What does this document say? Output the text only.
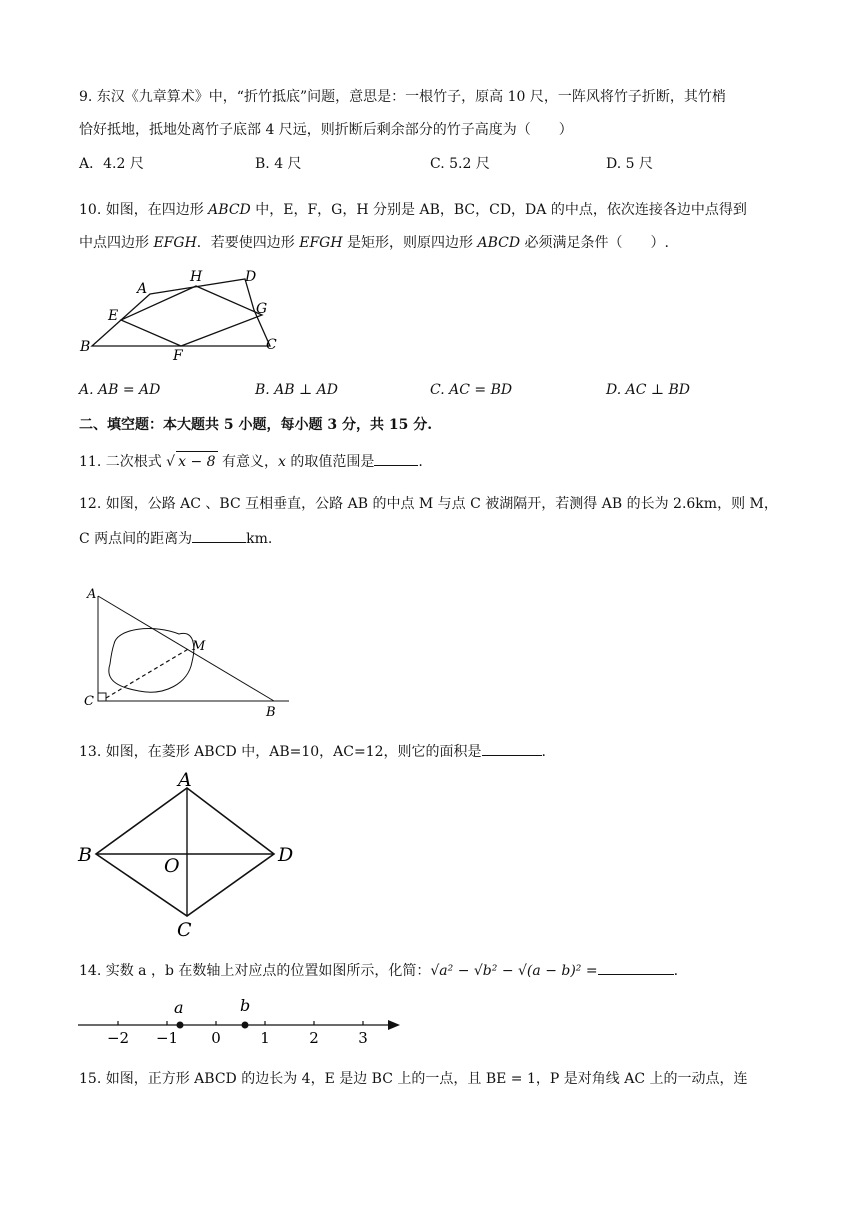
9. 东汉《九章算术》中，“折竹抵底”问题，意思是：一根竹子，原高 10 尺，一阵风将竹子折断，其竹梢
恰好抵地，抵地处离竹子底部 4 尺远，则折断后剩余部分的竹子高度为（　　）
A．4.2 尺	B. 4 尺	C. 5.2 尺	D. 5 尺
10. 如图，在四边形 ABCD 中，E，F，G，H 分别是 AB，BC，CD，DA 的中点，依次连接各边中点得到
中点四边形 EFGH．若要使四边形 EFGH 是矩形，则原四边形 ABCD 必须满足条件（　　）.
A
H	D
E	G
B
F
C
A. AB = AD	B. AB ⊥ AD	C. AC = BD	D. AC ⊥ BD
二、填空题：本大题共 5 小题，每小题 3 分，共 15 分.
11. 二次根式 √ x − 8 有意义，x 的取值范围是	.
12. 如图，公路 AC 、BC 互相垂直，公路 AB 的中点 M 与点 C 被湖隔开，若测得 AB 的长为 2.6km，则 M，
C 两点间的距离为	km.
A
M
C
B
13. 如图，在菱形 ABCD 中，AB=10，AC=12，则它的面积是	.
A
B	O	D
C
14. 实数 a ，b 在数轴上对应点的位置如图所示，化简：√a² − √b² − √(a − b)² =	.
−2 −1 0	1	2	3
a	b
15. 如图，正方形 ABCD 的边长为 4，E 是边 BC 上的一点，且 BE = 1，P 是对角线 AC 上的一动点，连
